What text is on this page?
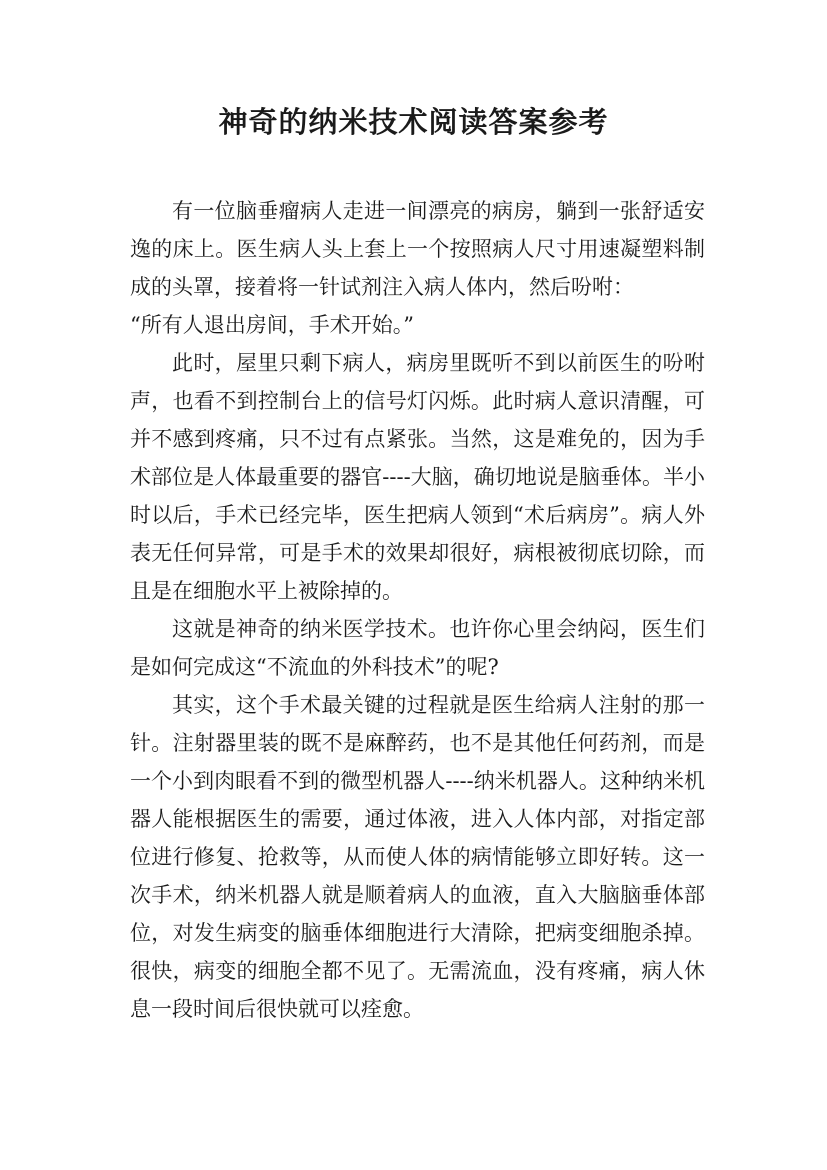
神奇的纳米技术阅读答案参考

有一位脑垂瘤病人走进一间漂亮的病房，躺到一张舒适安逸的床上。医生病人头上套上一个按照病人尺寸用速凝塑料制成的头罩，接着将一针试剂注入病人体内，然后吩咐：

“所有人退出房间，手术开始。”

此时，屋里只剩下病人，病房里既听不到以前医生的吩咐声，也看不到控制台上的信号灯闪烁。此时病人意识清醒，可并不感到疼痛，只不过有点紧张。当然，这是难免的，因为手术部位是人体最重要的器官----大脑，确切地说是脑垂体。半小时以后，手术已经完毕，医生把病人领到“术后病房”。病人外表无任何异常，可是手术的效果却很好，病根被彻底切除，而且是在细胞水平上被除掉的。

这就是神奇的纳米医学技术。也许你心里会纳闷，医生们是如何完成这“不流血的外科技术”的呢?

其实，这个手术最关键的过程就是医生给病人注射的那一针。注射器里装的既不是麻醉药，也不是其他任何药剂，而是一个小到肉眼看不到的微型机器人----纳米机器人。这种纳米机器人能根据医生的需要，通过体液，进入人体内部，对指定部位进行修复、抢救等，从而使人体的病情能够立即好转。这一次手术，纳米机器人就是顺着病人的血液，直入大脑脑垂体部位，对发生病变的脑垂体细胞进行大清除，把病变细胞杀掉。很快，病变的细胞全都不见了。无需流血，没有疼痛，病人休息一段时间后很快就可以痊愈。
